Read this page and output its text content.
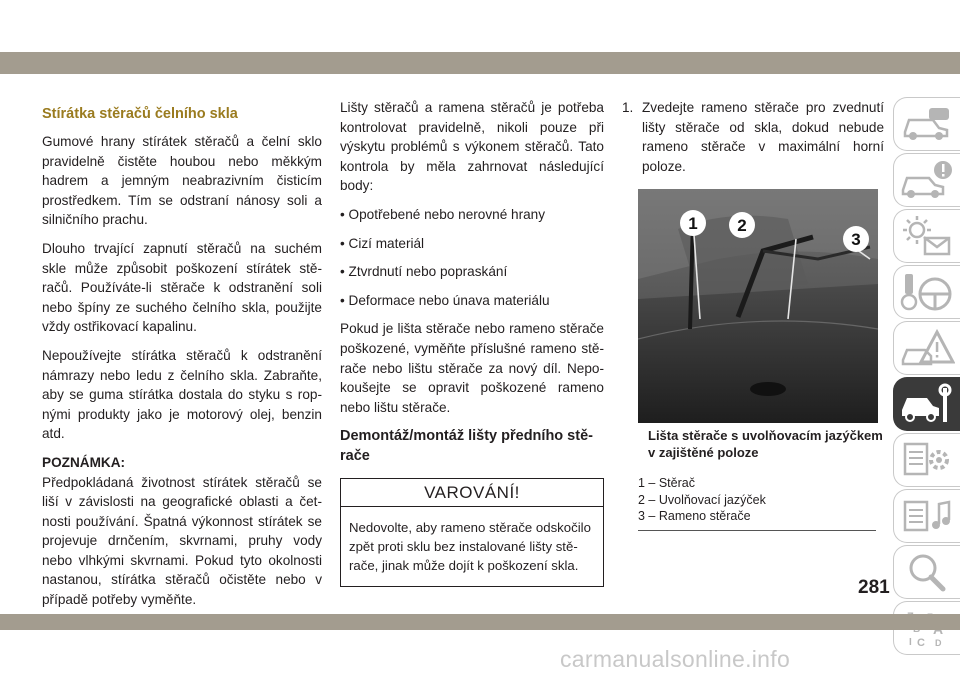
Stírátka stěračů čelního skla

Gumové hrany stírátek stěračů a čelní sklo pravidelně čistěte houbou nebo měkkým hadrem a jemným neabrazivním čisticím prostředkem. Tím se odstraní nánosy soli a silničního prachu.

Dlouho trvající zapnutí stěračů na suchém skle může způsobit poškození stírátek stěračů. Používáte-li stěrače k odstranění soli nebo špíny ze suchého čelního skla, použijte vždy ostřikovací kapalinu.

Nepoužívejte stírátka stěračů k odstranění námrazy nebo ledu z čelního skla. Zabraňte, aby se guma stírátka dostala do styku s ropnými produkty jako je motorový olej, benzin atd.

POZNÁMKA:

Předpokládaná životnost stírátek stěračů se liší v závislosti na geografické oblasti a četnosti používání. Špatná výkonnost stírátek se projevuje drnčením, skvrnami, pruhy vody nebo vlhkými skvrnami. Pokud tyto okolnosti nastanou, stírátka stěračů očistěte nebo v případě potřeby vyměňte.

Lišty stěračů a ramena stěračů je potřeba kontrolovat pravidelně, nikoli pouze při výskytu problémů s výkonem stěračů. Tato kontrola by měla zahrnovat následující body:

• Opotřebené nebo nerovné hrany

• Cizí materiál

• Ztvrdnutí nebo popraskání

• Deformace nebo únava materiálu

Pokud je lišta stěrače nebo rameno stěrače poškozené, vyměňte příslušné rameno stěrače nebo lištu stěrače za nový díl. Nepokoušejte se opravit poškozené rameno nebo lištu stěrače.

Demontáž/montáž lišty předního stěrače
VAROVÁNÍ!
Nedovolte, aby rameno stěrače odskočilo zpět proti sklu bez instalované lišty stěrače, jinak může dojít k poškození skla.
1. Zvedejte rameno stěrače pro zvednutí lišty stěrače od skla, dokud nebude rameno stěrače v maximální horní poloze.
1 2
3
Lišta stěrače s uvolňovacím jazýčkem v zajištěné poloze
1 – Stěrač
2 – Uvolňovací jazýček
3 – Rameno stěrače
I C D
281
carmanualsonline.info
